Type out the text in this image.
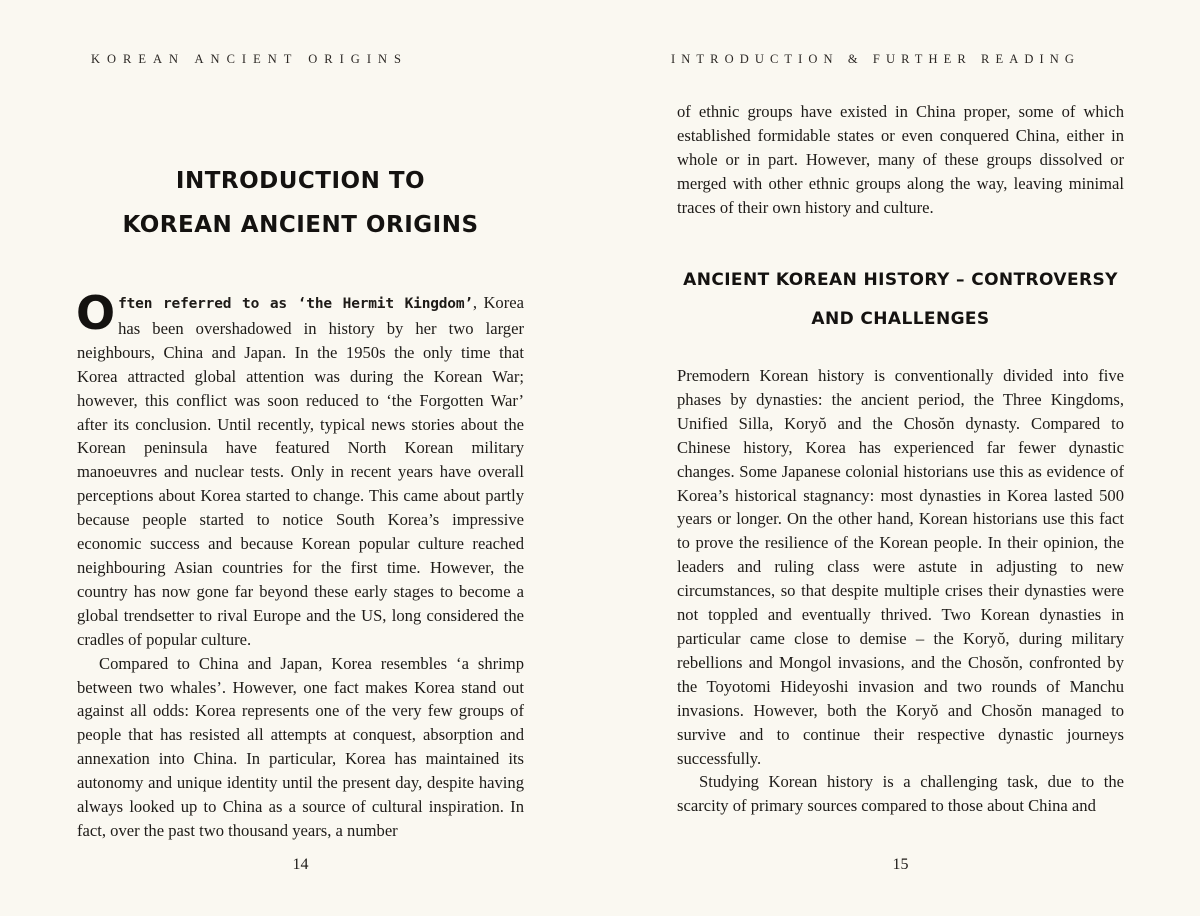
KOREAN ANCIENT ORIGINS
INTRODUCTION TO
KOREAN ANCIENT ORIGINS

Often referred to as ‘the Hermit Kingdom’, Korea has been overshadowed in history by her two larger neighbours, China and Japan. In the 1950s the only time that Korea attracted global attention was during the Korean War; however, this conflict was soon reduced to ‘the Forgotten War’ after its conclusion. Until recently, typical news stories about the Korean peninsula have featured North Korean military manoeuvres and nuclear tests. Only in recent years have overall perceptions about Korea started to change. This came about partly because people started to notice South Korea’s impressive economic success and because Korean popular culture reached neighbouring Asian countries for the first time. However, the country has now gone far beyond these early stages to become a global trendsetter to rival Europe and the US, long considered the cradles of popular culture.

Compared to China and Japan, Korea resembles ‘a shrimp between two whales’. However, one fact makes Korea stand out against all odds: Korea represents one of the very few groups of people that has resisted all attempts at conquest, absorption and annexation into China. In particular, Korea has maintained its autonomy and unique identity until the present day, despite having always looked up to China as a source of cultural inspiration. In fact, over the past two thousand years, a number

14
INTRODUCTION & FURTHER READING

of ethnic groups have existed in China proper, some of which established formidable states or even conquered China, either in whole or in part. However, many of these groups dissolved or merged with other ethnic groups along the way, leaving minimal traces of their own history and culture.

ANCIENT KOREAN HISTORY – CONTROVERSY
AND CHALLENGES

Premodern Korean history is conventionally divided into five phases by dynasties: the ancient period, the Three Kingdoms, Unified Silla, Koryŏ and the Chosŏn dynasty. Compared to Chinese history, Korea has experienced far fewer dynastic changes. Some Japanese colonial historians use this as evidence of Korea’s historical stagnancy: most dynasties in Korea lasted 500 years or longer. On the other hand, Korean historians use this fact to prove the resilience of the Korean people. In their opinion, the leaders and ruling class were astute in adjusting to new circumstances, so that despite multiple crises their dynasties were not toppled and eventually thrived. Two Korean dynasties in particular came close to demise – the Koryŏ, during military rebellions and Mongol invasions, and the Chosŏn, confronted by the Toyotomi Hideyoshi invasion and two rounds of Manchu invasions. However, both the Koryŏ and Chosŏn managed to survive and to continue their respective dynastic journeys successfully.

Studying Korean history is a challenging task, due to the scarcity of primary sources compared to those about China and

15
